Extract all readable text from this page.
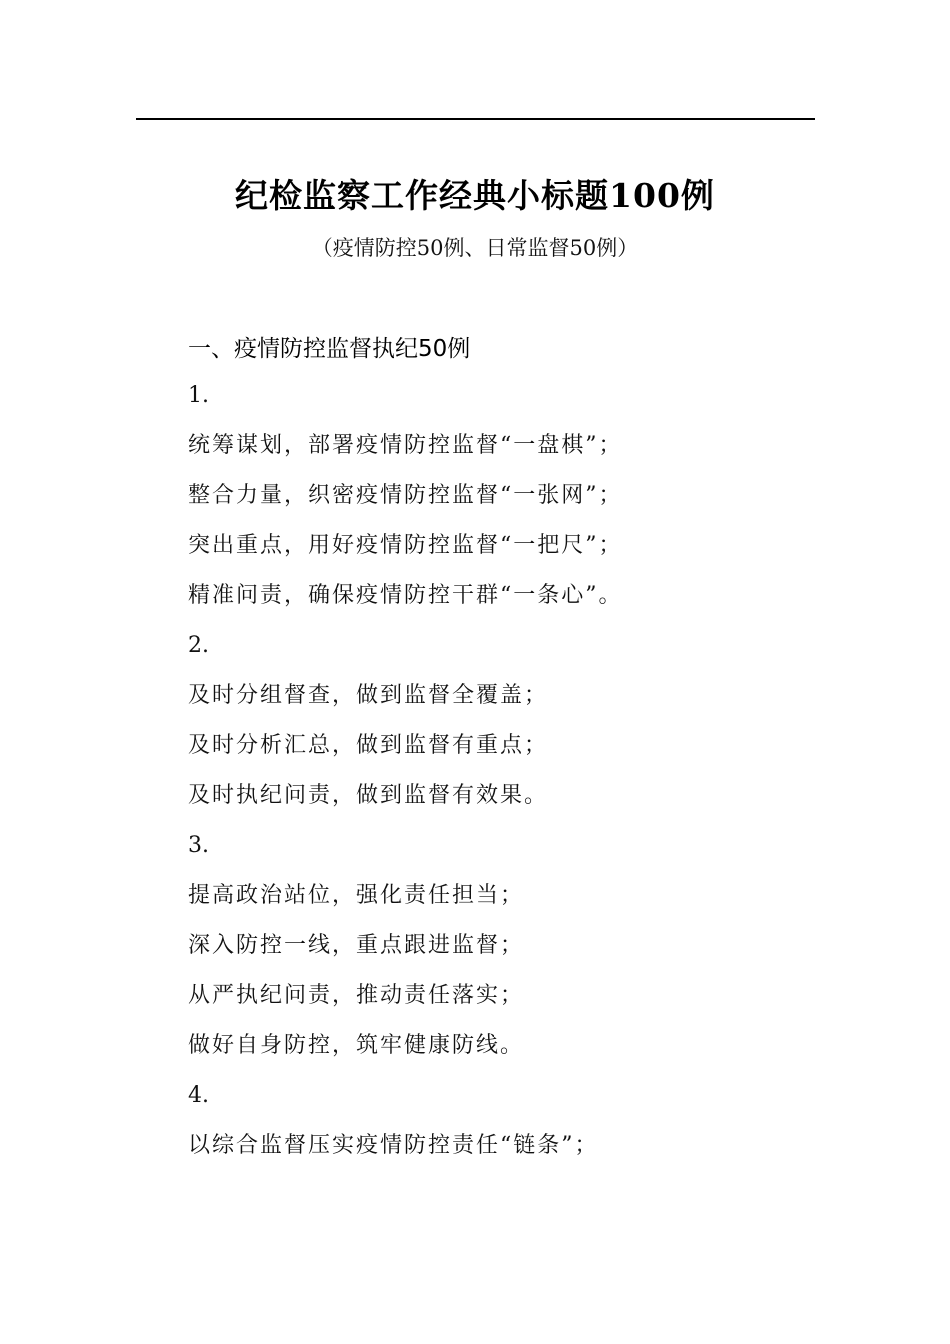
纪检监察工作经典小标题100例
（疫情防控50例、日常监督50例）
一、疫情防控监督执纪50例
1.
统筹谋划，部署疫情防控监督“一盘棋”；
整合力量，织密疫情防控监督“一张网”；
突出重点，用好疫情防控监督“一把尺”；
精准问责，确保疫情防控干群“一条心”。
2.
及时分组督查，做到监督全覆盖；
及时分析汇总，做到监督有重点；
及时执纪问责，做到监督有效果。
3.
提高政治站位，强化责任担当；
深入防控一线，重点跟进监督；
从严执纪问责，推动责任落实；
做好自身防控，筑牢健康防线。
4.
以综合监督压实疫情防控责任“链条”；
